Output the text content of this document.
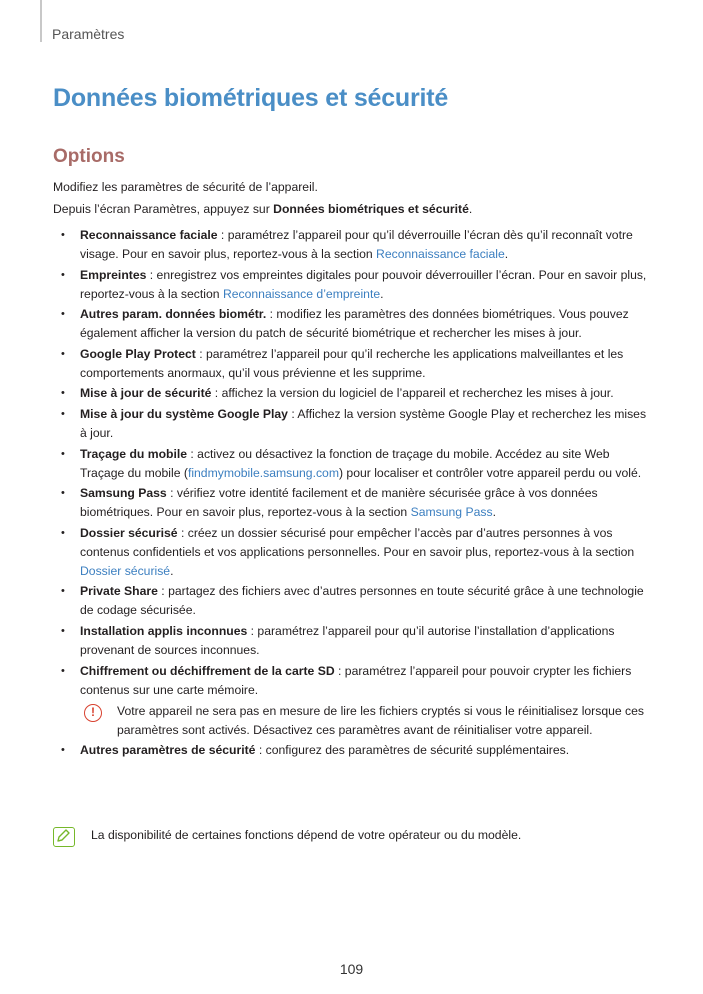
Paramètres
Données biométriques et sécurité
Options

Modifiez les paramètres de sécurité de l’appareil.

Depuis l’écran Paramètres, appuyez sur Données biométriques et sécurité.

• Reconnaissance faciale : paramétrez l’appareil pour qu’il déverrouille l’écran dès qu’il reconnaît votre visage. Pour en savoir plus, reportez-vous à la section Reconnaissance faciale.
• Empreintes : enregistrez vos empreintes digitales pour pouvoir déverrouiller l’écran. Pour en savoir plus, reportez-vous à la section Reconnaissance d’empreinte.
• Autres param. données biométr. : modifiez les paramètres des données biométriques. Vous pouvez également afficher la version du patch de sécurité biométrique et rechercher les mises à jour.
• Google Play Protect : paramétrez l’appareil pour qu’il recherche les applications malveillantes et les comportements anormaux, qu’il vous prévienne et les supprime.
• Mise à jour de sécurité : affichez la version du logiciel de l’appareil et recherchez les mises à jour.
• Mise à jour du système Google Play : Affichez la version système Google Play et recherchez les mises à jour.
• Traçage du mobile : activez ou désactivez la fonction de traçage du mobile. Accédez au site Web Traçage du mobile (findmymobile.samsung.com) pour localiser et contrôler votre appareil perdu ou volé.
• Samsung Pass : vérifiez votre identité facilement et de manière sécurisée grâce à vos données biométriques. Pour en savoir plus, reportez-vous à la section Samsung Pass.
• Dossier sécurisé : créez un dossier sécurisé pour empêcher l’accès par d’autres personnes à vos contenus confidentiels et vos applications personnelles. Pour en savoir plus, reportez-vous à la section Dossier sécurisé.
• Private Share : partagez des fichiers avec d’autres personnes en toute sécurité grâce à une technologie de codage sécurisée.
• Installation applis inconnues : paramétrez l’appareil pour qu’il autorise l’installation d’applications provenant de sources inconnues.
• Chiffrement ou déchiffrement de la carte SD : paramétrez l’appareil pour pouvoir crypter les fichiers contenus sur une carte mémoire.
!	Votre appareil ne sera pas en mesure de lire les fichiers cryptés si vous le réinitialisez lorsque ces paramètres sont activés. Désactivez ces paramètres avant de réinitialiser votre appareil.
• Autres paramètres de sécurité : configurez des paramètres de sécurité supplémentaires.
La disponibilité de certaines fonctions dépend de votre opérateur ou du modèle.
109
